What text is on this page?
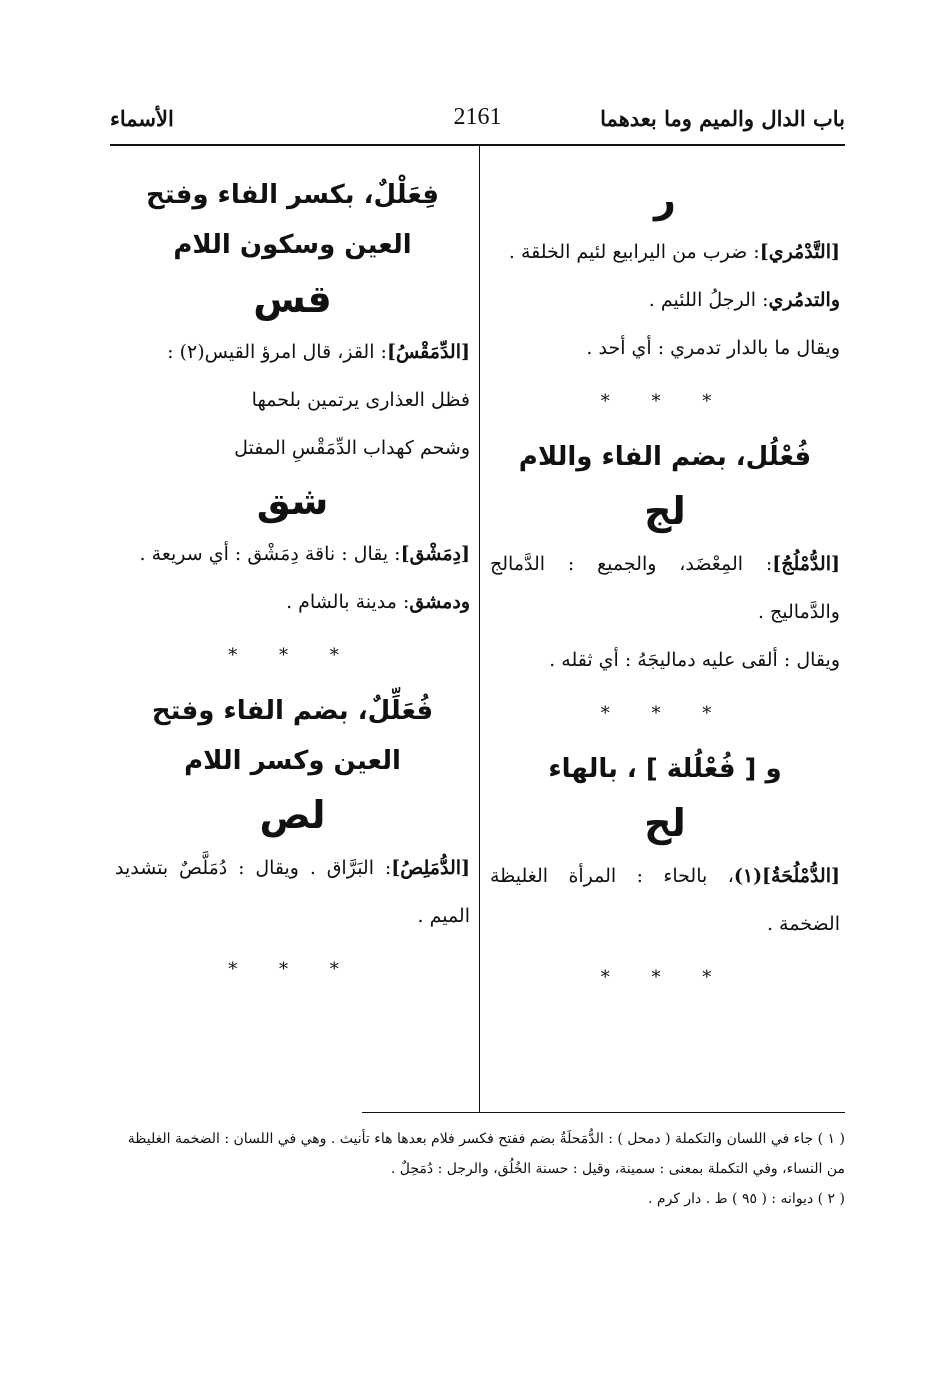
باب الدال والميم وما بعدهما
2161
الأسماء

ر

[التَّدْمُري]: ضرب من اليرابيع لئيم الخلقة .

والتدمُري: الرجلُ اللئيم .

ويقال ما بالدار تدمري : أي أحد .

* * *

فُعْلُل، بضم الفاء واللام

لج

[الدُّمْلُجُ]: المِعْضَد، والجميع : الدَّمالج والدَّماليج .

ويقال : ألقى عليه دماليجَهُ : أي ثقله .

* * *

و [ فُعْلُلة ] ، بالهاء

لح

[الدُّمْلُحَةُ](١)، بالحاء : المرأة الغليظة الضخمة .

* * *

فِعَلْلٌ، بكسر الفاء وفتح العين وسكون اللام

قس

[الدِّمَقْسُ]: القز، قال امرؤ القيس(٢) :

فظل العذارى يرتمين بلحمها

وشحم كهداب الدِّمَقْسِ المفتل

شق

[دِمَشْق]: يقال : ناقة دِمَشْق : أي سريعة .

ودمشق: مدينة بالشام .

* * *

فُعَلِّلٌ، بضم الفاء وفتح العين وكسر اللام

لص

[الدُّمَلِصُ]: البَرَّاق . ويقال : دُمَلَّصٌ بتشديد الميم .

* * *

( ١ ) جاء في اللسان والتكملة ( دمحل ) : الدُّمَحلَةُ بضم ففتح فكسر فلام بعدها هاء تأنيث . وهي في اللسان : الضخمة الغليظة من النساء، وفي التكملة بمعنى : سمينة، وقيل : حسنة الخُلُق، والرجل : دُمَحِلٌ .

( ٢ ) ديوانه : ( ٩٥ ) ط . دار كرم .
